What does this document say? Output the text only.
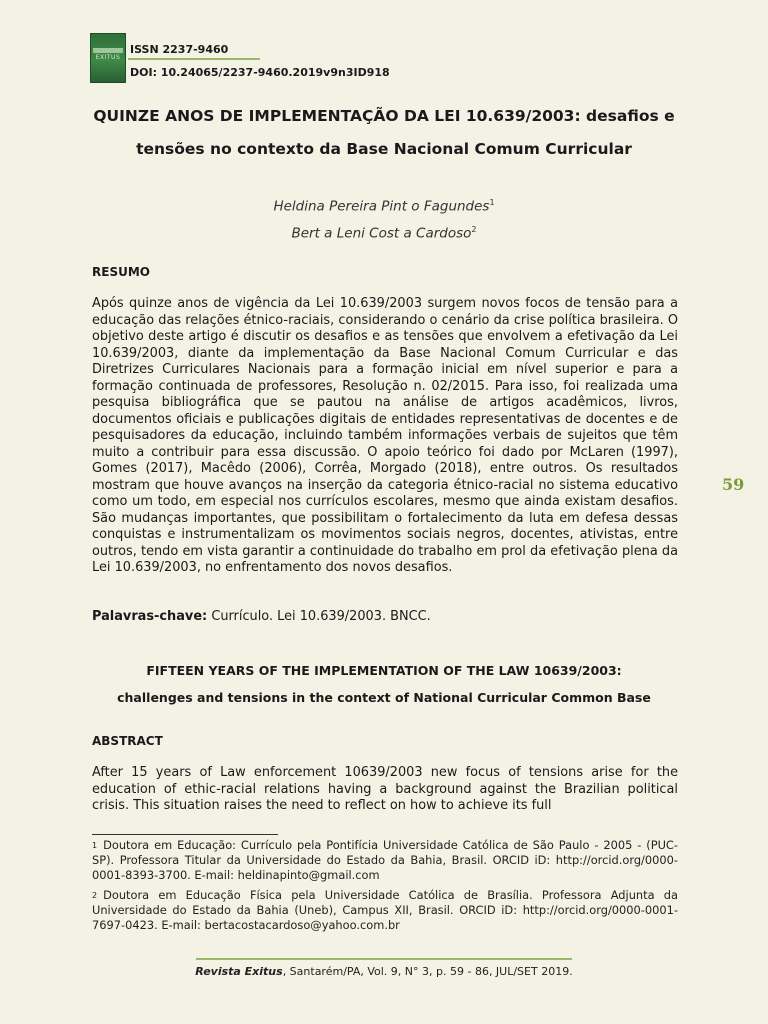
EXITUS
ISSN 2237-9460
DOI: 10.24065/2237-9460.2019v9n3ID918
QUINZE ANOS DE IMPLEMENTAÇÃO DA LEI 10.639/2003: desafios e
tensões no contexto da Base Nacional Comum Curricular
Heldina Pereira Pint o Fagundes$^1$
Bert a Leni Cost a Cardoso$^2$
RESUMO
Após quinze anos de vigência da Lei 10.639/2003 surgem novos focos de tensão para a educação das relações étnico-raciais, considerando o cenário da crise política brasileira. O objetivo deste artigo é discutir os desafios e as tensões que envolvem a efetivação da Lei 10.639/2003, diante da implementação da Base Nacional Comum Curricular e das Diretrizes Curriculares Nacionais para a formação inicial em nível superior e para a formação continuada de professores, Resolução n. 02/2015. Para isso, foi realizada uma pesquisa bibliográfica que se pautou na análise de artigos acadêmicos, livros, documentos oficiais e publicações digitais de entidades representativas de docentes e de pesquisadores da educação, incluindo também informações verbais de sujeitos que têm muito a contribuir para essa discussão. O apoio teórico foi dado por McLaren (1997), Gomes (2017), Macêdo (2006), Corrêa, Morgado (2018), entre outros. Os resultados mostram que houve avanços na inserção da categoria étnico-racial no sistema educativo como um todo, em especial nos currículos escolares, mesmo que ainda existam desafios. São mudanças importantes, que possibilitam o fortalecimento da luta em defesa dessas conquistas e instrumentalizam os movimentos sociais negros, docentes, ativistas, entre outros, tendo em vista garantir a continuidade do trabalho em prol da efetivação plena da Lei 10.639/2003, no enfrentamento dos novos desafios.
Palavras-chave: Currículo. Lei 10.639/2003. BNCC.
FIFTEEN YEARS OF THE IMPLEMENTATION OF THE LAW 10639/2003:
challenges and tensions in the context of National Curricular Common Base
ABSTRACT
After 15 years of Law enforcement 10639/2003 new focus of tensions arise for the education of ethic-racial relations having a background against the Brazilian political crisis. This situation raises the need to reflect on how to achieve its full
59
$^1$ Doutora em Educação: Currículo pela Pontifícia Universidade Católica de São Paulo - 2005 - (PUC-SP). Professora Titular da Universidade do Estado da Bahia, Brasil. ORCID iD: http://orcid.org/0000-0001-8393-3700. E-mail: heldinapinto@gmail.com
$^2$ Doutora em Educação Física pela Universidade Católica de Brasília. Professora Adjunta da Universidade do Estado da Bahia (Uneb), Campus XII, Brasil. ORCID iD: http://orcid.org/0000-0001-7697-0423. E-mail: bertacostacardoso@yahoo.com.br
Revista Exitus, Santarém/PA, Vol. 9, N° 3, p. 59 - 86, JUL/SET 2019.
